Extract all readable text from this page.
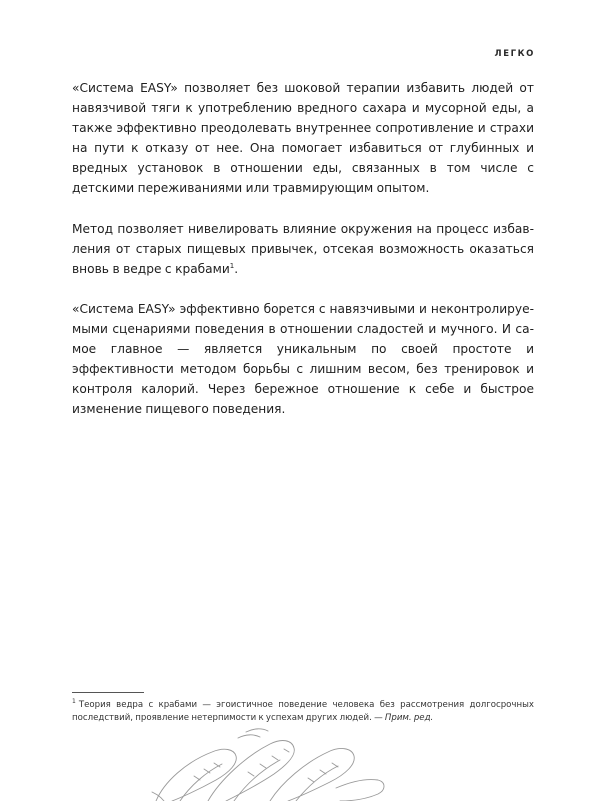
ЛЕГКО

«Система EASY» позволяет без шоковой терапии избавить людей от навязчивой тяги к употреблению вредного сахара и мусорной еды, а также эффективно преодолевать внутреннее сопротивление и страхи на пути к отказу от нее. Она помогает избавиться от глубинных и вредных установок в отношении еды, связанных в том числе с детскими переживаниями или травмирующим опытом.

Метод позволяет нивелировать влияние окружения на процесс избавления от старых пищевых привычек, отсекая возможность оказаться вновь в ведре с крабами$^1$.

«Система EASY» эффективно борется с навязчивыми и неконтролируемыми сценариями поведения в отношении сладостей и мучного. И самое главное — является уникальным по своей простоте и эффективности методом борьбы с лишним весом, без тренировок и контроля калорий. Через бережное отношение к себе и быстрое изменение пищевого поведения.

$^1$ Теория ведра с крабами — эгоистичное поведение человека без рассмотрения долгосрочных последствий, проявление нетерпимости к успехам других людей. — Прим. ред.
